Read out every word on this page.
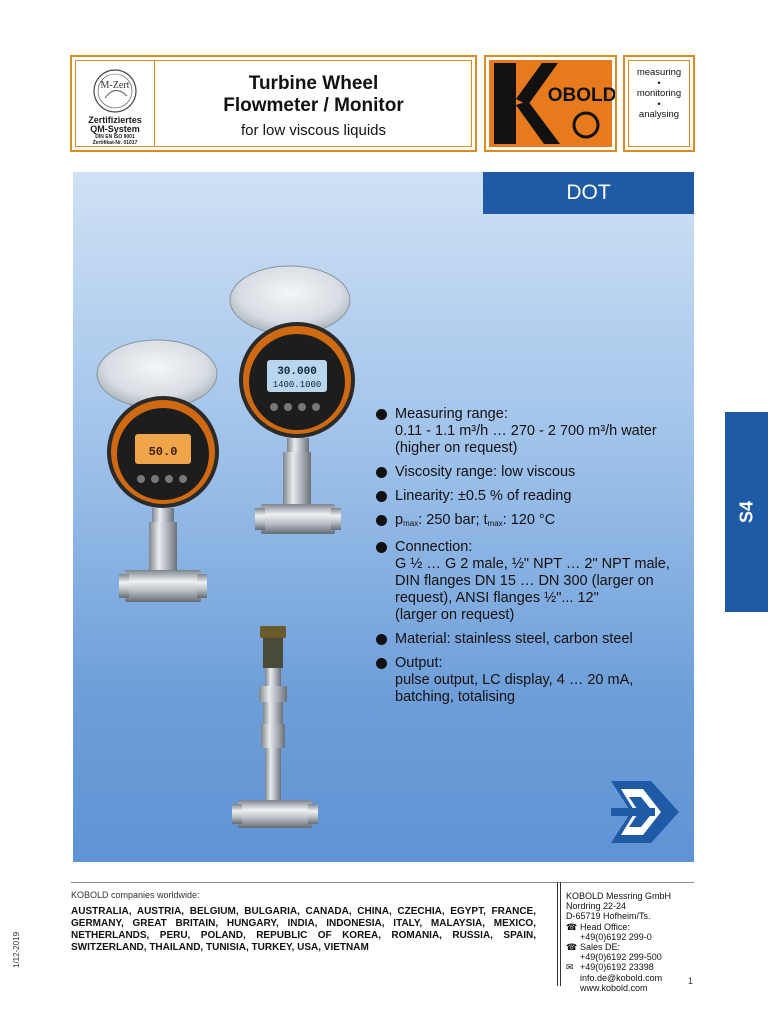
M-Zert
Zertifiziertes
QM-System
DIN EN ISO 9001
Zertifikat-Nr. 01017
Turbine Wheel
Flowmeter / Monitor
for low viscous liquids
OBOLD
measuring
•
monitoring
•
analysing
50.0
30.000
1400.1000
DOT
S4
Measuring range:
0.11 - 1.1 m³/h … 270 - 2 700 m³/h water
(higher on request)
Viscosity range: low viscous
Linearity: ±0.5 % of reading
$p_{max}$: 250 bar; $t_{max}$: 120 °C
Connection:
G ½ … G 2 male, ½" NPT … 2" NPT male,
DIN flanges DN 15 … DN 300 (larger on
request), ANSI flanges ½"... 12"
(larger on request)
Material: stainless steel, carbon steel
Output:
pulse output, LC display, 4 … 20 mA,
batching, totalising
KOBOLD companies worldwide:
AUSTRALIA, AUSTRIA, BELGIUM, BULGARIA, CANADA, CHINA, CZECHIA, EGYPT, FRANCE, GERMANY, GREAT BRITAIN, HUNGARY, INDIA, INDONESIA, ITALY, MALAYSIA, MEXICO, NETHERLANDS, PERU, POLAND, REPUBLIC OF KOREA, ROMANIA, RUSSIA, SPAIN, SWITZERLAND, THAILAND, TUNISIA, TURKEY, USA, VIETNAM
KOBOLD Messring GmbH
Nordring 22-24
D-65719 Hofheim/Ts.
☎ Head Office:
+49(0)6192 299-0
☎ Sales DE:
+49(0)6192 299-500
✉ +49(0)6192 23398
info.de@kobold.com
www.kobold.com
1
1/12-2019
